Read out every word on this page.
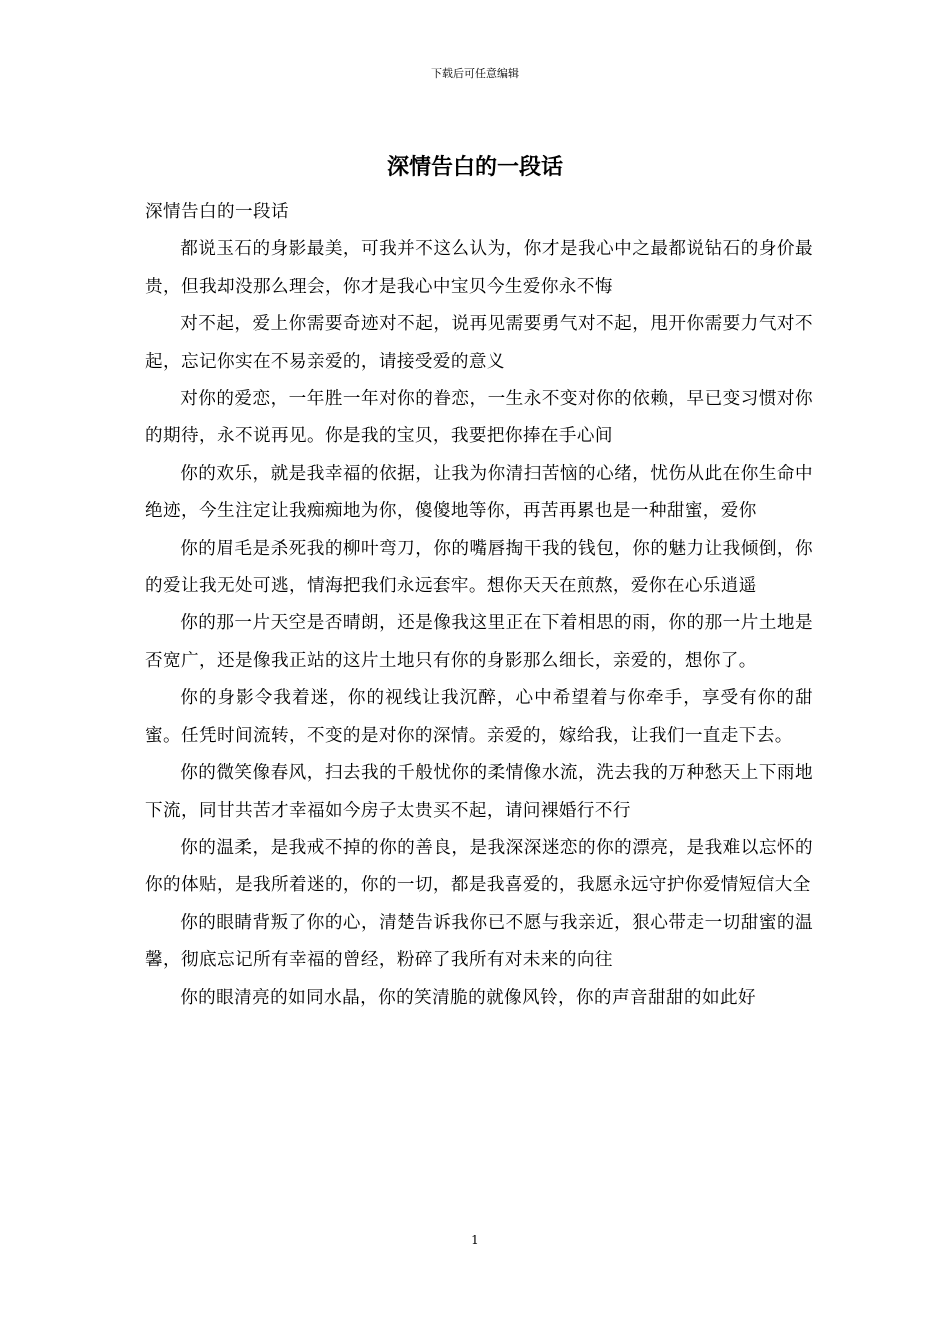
下载后可任意编辑
深情告白的一段话

深情告白的一段话

都说玉石的身影最美，可我并不这么认为，你才是我心中之最都说钻石的身价最贵，但我却没那么理会，你才是我心中宝贝今生爱你永不悔

对不起，爱上你需要奇迹对不起，说再见需要勇气对不起，甩开你需要力气对不起，忘记你实在不易亲爱的，请接受爱的意义

对你的爱恋，一年胜一年对你的眷恋，一生永不变对你的依赖，早已变习惯对你的期待，永不说再见。你是我的宝贝，我要把你捧在手心间

你的欢乐，就是我幸福的依据，让我为你清扫苦恼的心绪，忧伤从此在你生命中绝迹，今生注定让我痴痴地为你，傻傻地等你，再苦再累也是一种甜蜜，爱你

你的眉毛是杀死我的柳叶弯刀，你的嘴唇掏干我的钱包，你的魅力让我倾倒，你的爱让我无处可逃，情海把我们永远套牢。想你天天在煎熬，爱你在心乐逍遥

你的那一片天空是否晴朗，还是像我这里正在下着相思的雨，你的那一片土地是否宽广，还是像我正站的这片土地只有你的身影那么细长，亲爱的，想你了。

你的身影令我着迷，你的视线让我沉醉，心中希望着与你牵手，享受有你的甜蜜。任凭时间流转，不变的是对你的深情。亲爱的，嫁给我，让我们一直走下去。

你的微笑像春风，扫去我的千般忧你的柔情像水流，洗去我的万种愁天上下雨地下流，同甘共苦才幸福如今房子太贵买不起，请问裸婚行不行

你的温柔，是我戒不掉的你的善良，是我深深迷恋的你的漂亮，是我难以忘怀的你的体贴，是我所着迷的，你的一切，都是我喜爱的，我愿永远守护你爱情短信大全

你的眼睛背叛了你的心，清楚告诉我你已不愿与我亲近，狠心带走一切甜蜜的温馨，彻底忘记所有幸福的曾经，粉碎了我所有对未来的向往

你的眼清亮的如同水晶，你的笑清脆的就像风铃，你的声音甜甜的如此好

1
